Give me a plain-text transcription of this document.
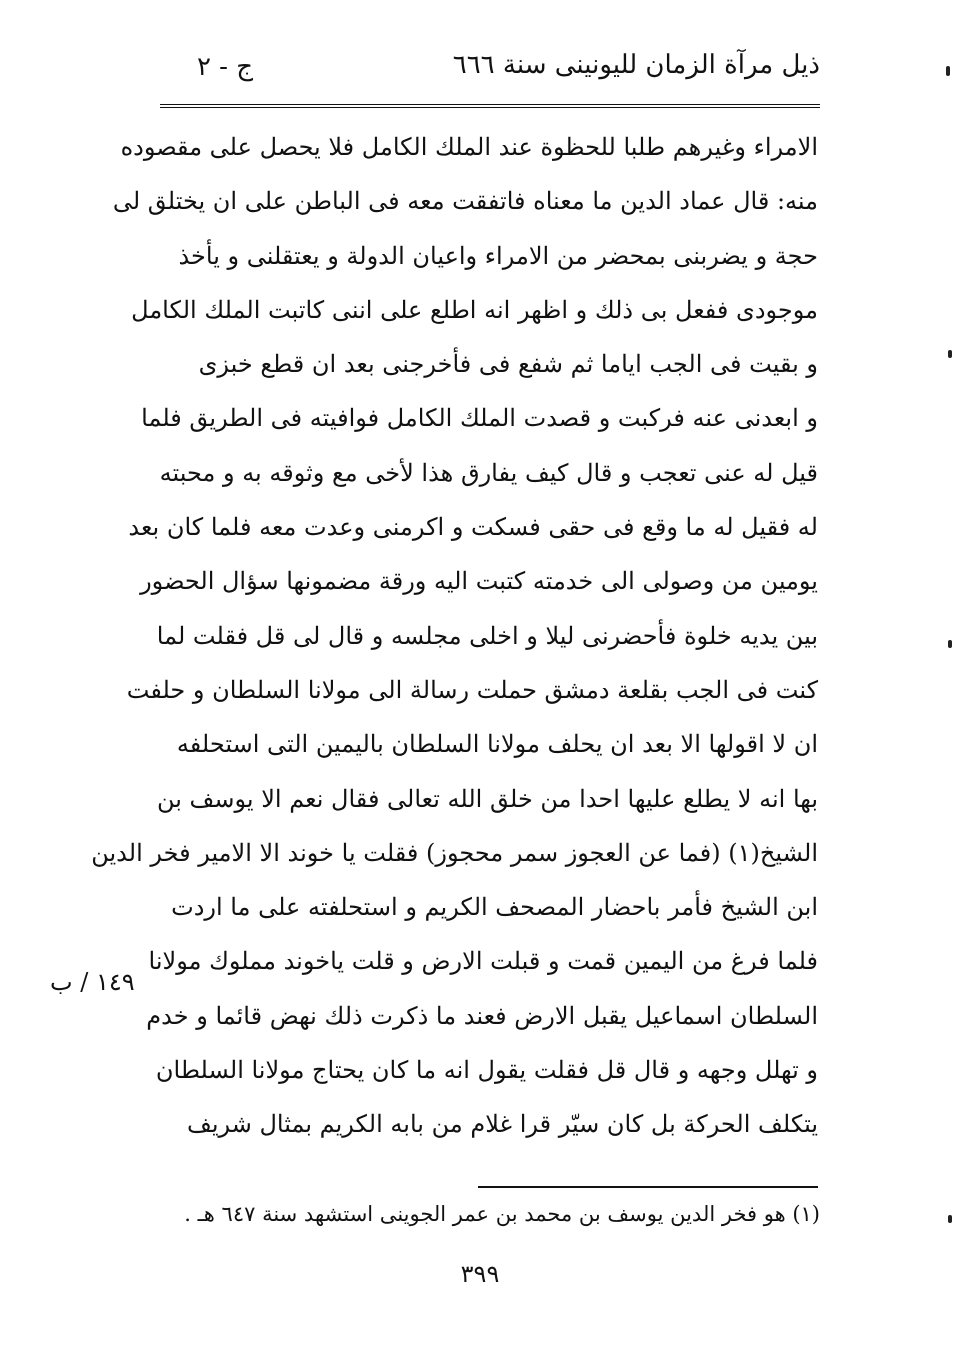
ذيل مرآة الزمان لليونينى سنة ٦٦٦
ج - ٢
الامراء وغيرهم طلبا للحظوة عند الملك الكامل فلا يحصل على مقصوده
منه: قال عماد الدين ما معناه فاتفقت معه فى الباطن على ان يختلق لى
حجة و يضربنى بمحضر من الامراء واعيان الدولة و يعتقلنى و يأخذ
موجودى ففعل بى ذلك و اظهر انه اطلع على اننى كاتبت الملك الكامل
و بقيت فى الجب اياما ثم شفع فى فأخرجنى بعد ان قطع خبزى
و ابعدنى عنه فركبت و قصدت الملك الكامل فوافيته فى الطريق فلما
قيل له عنى تعجب و قال كيف يفارق هذا لأخى مع وثوقه به و محبته
له فقيل له ما وقع فى حقى فسكت و اكرمنى وعدت معه فلما كان بعد
يومين من وصولى الى خدمته كتبت اليه ورقة مضمونها سؤال الحضور
بين يديه خلوة فأحضرنى ليلا و اخلى مجلسه و قال لى قل فقلت لما
كنت فى الجب بقلعة دمشق حملت رسالة الى مولانا السلطان و حلفت
ان لا اقولها الا بعد ان يحلف مولانا السلطان باليمين التى استحلفه
بها انه لا يطلع عليها احدا من خلق الله تعالى فقال نعم الا يوسف بن
الشيخ(١) (فما عن العجوز سمر محجوز) فقلت يا خوند الا الامير فخر الدين
ابن الشيخ فأمر باحضار المصحف الكريم و استحلفته على ما اردت
فلما فرغ من اليمين قمت و قبلت الارض و قلت ياخوند مملوك مولانا
السلطان اسماعيل يقبل الارض فعند ما ذكرت ذلك نهض قائما و خدم
و تهلل وجهه و قال قل فقلت يقول انه ما كان يحتاج مولانا السلطان
يتكلف الحركة بل كان سيّر قرا غلام من بابه الكريم بمثال شريف
١٤٩ / ب
(١) هو فخر الدين يوسف بن محمد بن عمر الجوينى استشهد سنة ٦٤٧ هـ .
٣٩٩
